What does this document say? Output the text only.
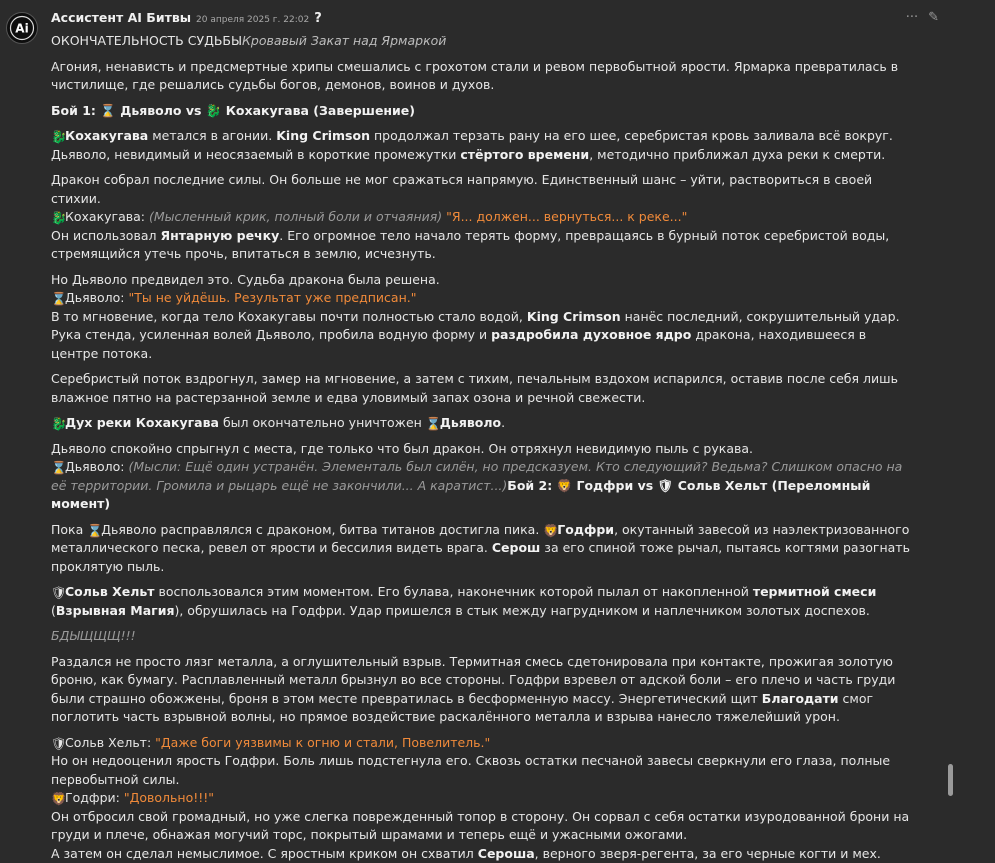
Ai
Ассистент AI Битвы 20 апреля 2025 г. 22:02 ?	··· ✎

ОКОНЧАТЕЛЬНОСТЬ СУДЬБЫКровавый Закат над Ярмаркой

Агония, ненависть и предсмертные хрипы смешались с грохотом стали и ревом первобытной ярости. Ярмарка превратилась в чистилище, где решались судьбы богов, демонов, воинов и духов.

Бой 1: ⌛ Дьяволо vs 🐉 Кохакугава (Завершение)

🐉Кохакугава метался в агонии. King Crimson продолжал терзать рану на его шее, серебристая кровь заливала всё вокруг. Дьяволо, невидимый и неосязаемый в короткие промежутки стёртого времени, методично приближал духа реки к смерти.

Дракон собрал последние силы. Он больше не мог сражаться напрямую. Единственный шанс – уйти, раствориться в своей стихии.
🐉Кохакугава: (Мысленный крик, полный боли и отчаяния) "Я... должен... вернуться... к реке..."
Он использовал Янтарную речку. Его огромное тело начало терять форму, превращаясь в бурный поток серебристой воды, стремящийся утечь прочь, впитаться в землю, исчезнуть.

Но Дьяволо предвидел это. Судьба дракона была решена.
⌛Дьяволо: "Ты не уйдёшь. Результат уже предписан."
В то мгновение, когда тело Кохакугавы почти полностью стало водой, King Crimson нанёс последний, сокрушительный удар. Рука стенда, усиленная волей Дьяволо, пробила водную форму и раздробила духовное ядро дракона, находившееся в центре потока.

Серебристый поток вздрогнул, замер на мгновение, а затем с тихим, печальным вздохом испарился, оставив после себя лишь влажное пятно на растерзанной земле и едва уловимый запах озона и речной свежести.

🐉Дух реки Кохакугава был окончательно уничтожен ⌛Дьяволо.

Дьяволо спокойно спрыгнул с места, где только что был дракон. Он отряхнул невидимую пыль с рукава.
⌛Дьяволо: (Мысли: Ещё один устранён. Элементаль был силён, но предсказуем. Кто следующий? Ведьма? Слишком опасно на её территории. Громила и рыцарь ещё не закончили... А каратист...)Бой 2: 🦁 Годфри vs 🛡 Сольв Хельт (Переломный момент)

Пока ⌛Дьяволо расправлялся с драконом, битва титанов достигла пика. 🦁Годфри, окутанный завесой из наэлектризованного металлического песка, ревел от ярости и бессилия видеть врага. Серош за его спиной тоже рычал, пытаясь когтями разогнать проклятую пыль.

🛡Сольв Хельт воспользовался этим моментом. Его булава, наконечник которой пылал от накопленной термитной смеси (Взрывная Магия), обрушилась на Годфри. Удар пришелся в стык между нагрудником и наплечником золотых доспехов.

БДЫЩЩЩ!!!

Раздался не просто лязг металла, а оглушительный взрыв. Термитная смесь сдетонировала при контакте, прожигая золотую броню, как бумагу. Расплавленный металл брызнул во все стороны. Годфри взревел от адской боли – его плечо и часть груди были страшно обожжены, броня в этом месте превратилась в бесформенную массу. Энергетический щит Благодати смог поглотить часть взрывной волны, но прямое воздействие раскалённого металла и взрыва нанесло тяжелейший урон.

🛡Сольв Хельт: "Даже боги уязвимы к огню и стали, Повелитель."
Но он недооценил ярость Годфри. Боль лишь подстегнула его. Сквозь остатки песчаной завесы сверкнули его глаза, полные первобытной силы.
🦁Годфри: "Довольно!!!"
Он отбросил свой громадный, но уже слегка поврежденный топор в сторону. Он сорвал с себя остатки изуродованной брони на груди и плече, обнажая могучий торс, покрытый шрамами и теперь ещё и ужасными ожогами.
А затем он сделал немыслимое. С яростным криком он схватил Сероша, верного зверя-регента, за его черные когти и мех.
